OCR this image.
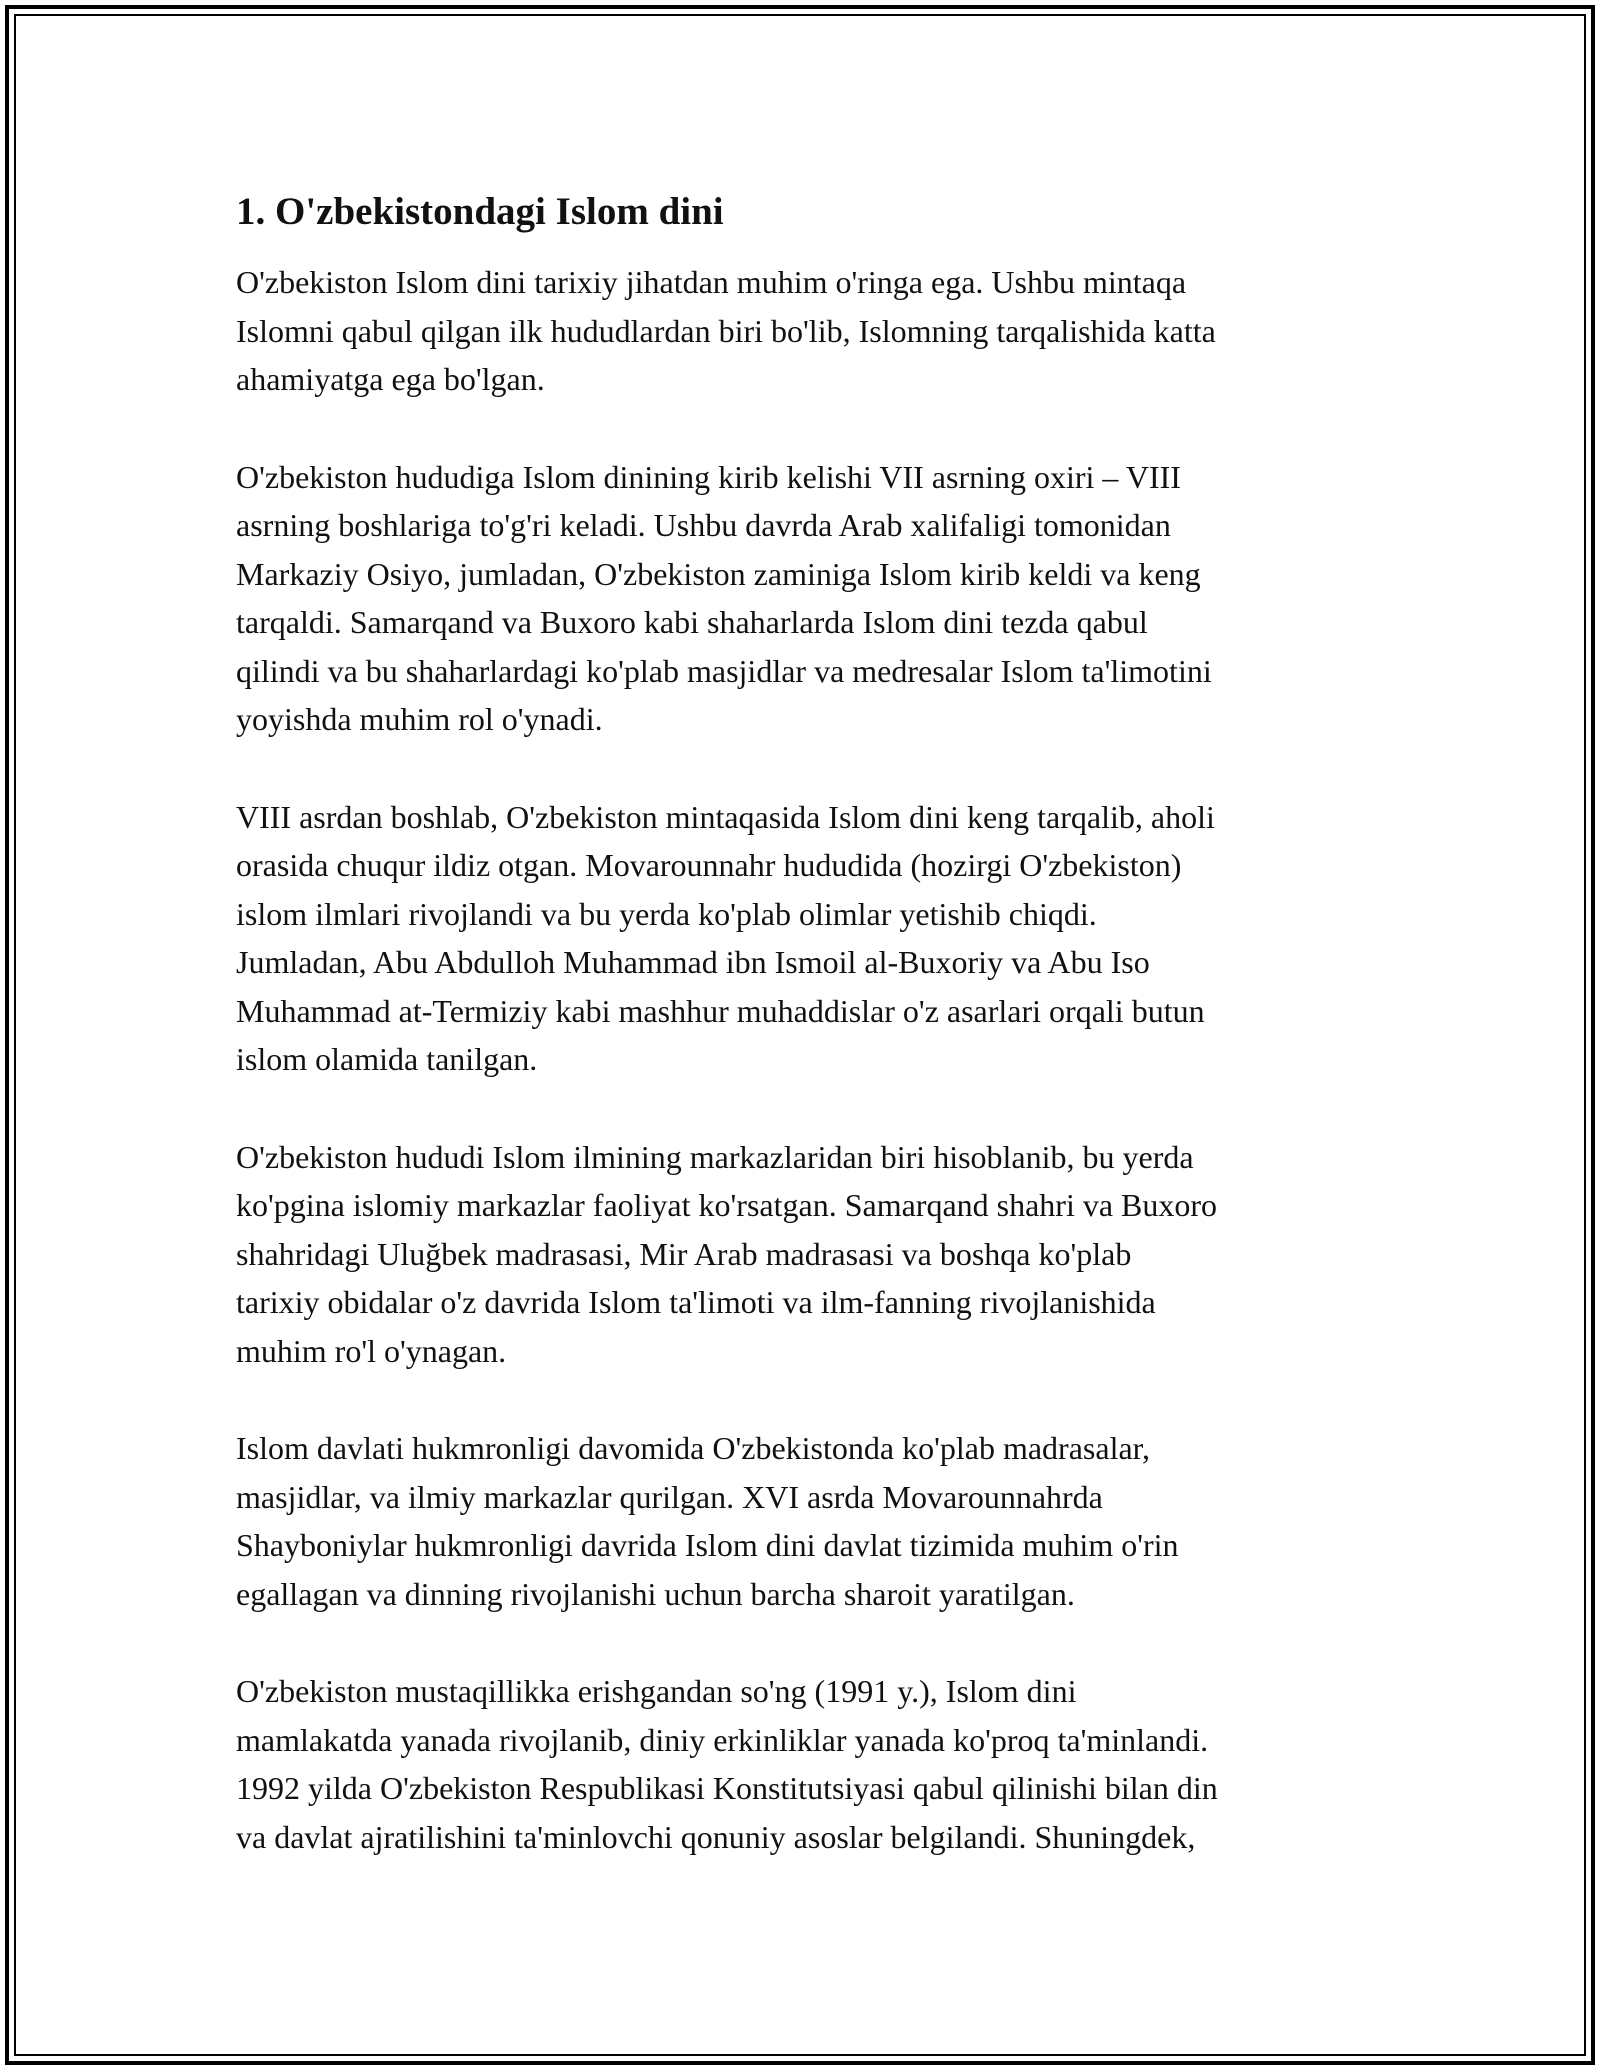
1. O'zbekistondagi Islom dini

O'zbekiston Islom dini tarixiy jihatdan muhim o'ringa ega. Ushbu mintaqa
Islomni qabul qilgan ilk hududlardan biri bo'lib, Islomning tarqalishida katta
ahamiyatga ega bo'lgan.

O'zbekiston hududiga Islom dinining kirib kelishi VII asrning oxiri – VIII
asrning boshlariga to'g'ri keladi. Ushbu davrda Arab xalifaligi tomonidan
Markaziy Osiyo, jumladan, O'zbekiston zaminiga Islom kirib keldi va keng
tarqaldi. Samarqand va Buxoro kabi shaharlarda Islom dini tezda qabul
qilindi va bu shaharlardagi ko'plab masjidlar va medresalar Islom ta'limotini
yoyishda muhim rol o'ynadi.

VIII asrdan boshlab, O'zbekiston mintaqasida Islom dini keng tarqalib, aholi
orasida chuqur ildiz otgan. Movarounnahr hududida (hozirgi O'zbekiston)
islom ilmlari rivojlandi va bu yerda ko'plab olimlar yetishib chiqdi.
Jumladan, Abu Abdulloh Muhammad ibn Ismoil al-Buxoriy va Abu Iso
Muhammad at-Termiziy kabi mashhur muhaddislar o'z asarlari orqali butun
islom olamida tanilgan.

O'zbekiston hududi Islom ilmining markazlaridan biri hisoblanib, bu yerda
ko'pgina islomiy markazlar faoliyat ko'rsatgan. Samarqand shahri va Buxoro
shahridagi Uluğbek madrasasi, Mir Arab madrasasi va boshqa ko'plab
tarixiy obidalar o'z davrida Islom ta'limoti va ilm-fanning rivojlanishida
muhim ro'l o'ynagan.

Islom davlati hukmronligi davomida O'zbekistonda ko'plab madrasalar,
masjidlar, va ilmiy markazlar qurilgan. XVI asrda Movarounnahrda
Shayboniylar hukmronligi davrida Islom dini davlat tizimida muhim o'rin
egallagan va dinning rivojlanishi uchun barcha sharoit yaratilgan.

O'zbekiston mustaqillikka erishgandan so'ng (1991 y.), Islom dini
mamlakatda yanada rivojlanib, diniy erkinliklar yanada ko'proq ta'minlandi.
1992 yilda O'zbekiston Respublikasi Konstitutsiyasi qabul qilinishi bilan din
va davlat ajratilishini ta'minlovchi qonuniy asoslar belgilandi. Shuningdek,
